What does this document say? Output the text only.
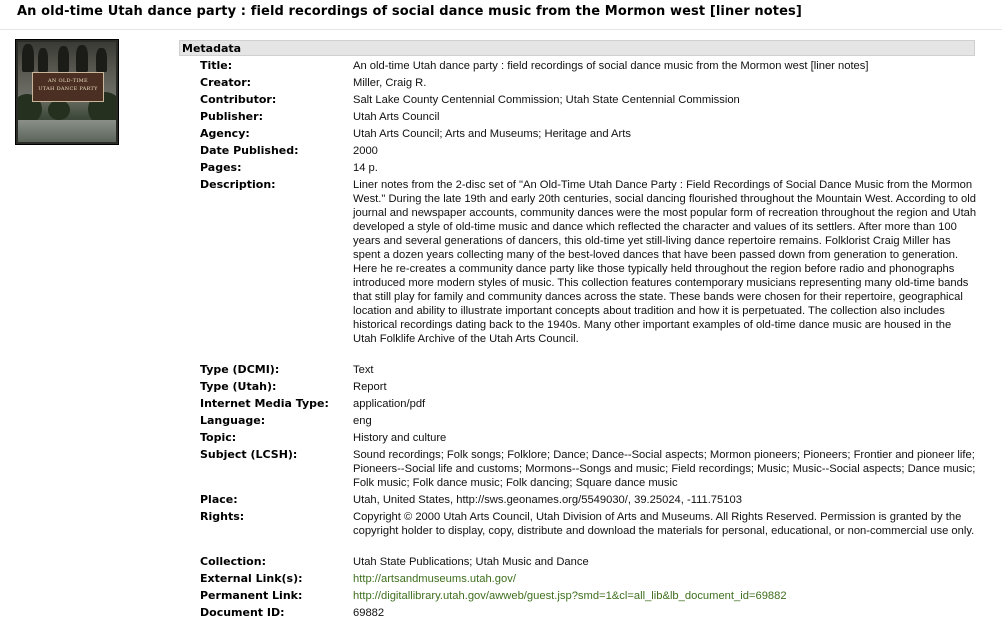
An old-time Utah dance party : field recordings of social dance music from the Mormon west [liner notes]
AN OLD-TIME
UTAH DANCE PARTY
Metadata
Title:	An old-time Utah dance party : field recordings of social dance music from the Mormon west [liner notes]
Creator:	Miller, Craig R.
Contributor:	Salt Lake County Centennial Commission; Utah State Centennial Commission
Publisher:	Utah Arts Council
Agency:	Utah Arts Council; Arts and Museums; Heritage and Arts
Date Published:	2000
Pages:	14 p.
Description:	Liner notes from the 2-disc set of "An Old-Time Utah Dance Party : Field Recordings of Social Dance Music from the Mormon West." During the late 19th and early 20th centuries, social dancing flourished throughout the Mountain West. According to old journal and newspaper accounts, community dances were the most popular form of recreation throughout the region and Utah developed a style of old-time music and dance which reflected the character and values of its settlers. After more than 100 years and several generations of dancers, this old-time yet still-living dance repertoire remains. Folklorist Craig Miller has spent a dozen years collecting many of the best-loved dances that have been passed down from generation to generation. Here he re-creates a community dance party like those typically held throughout the region before radio and phonographs introduced more modern styles of music. This collection features contemporary musicians representing many old-time bands that still play for family and community dances across the state. These bands were chosen for their repertoire, geographical location and ability to illustrate important concepts about tradition and how it is perpetuated. The collection also includes historical recordings dating back to the 1940s. Many other important examples of old-time dance music are housed in the Utah Folklife Archive of the Utah Arts Council.
Type (DCMI):	Text
Type (Utah):	Report
Internet Media Type:	application/pdf
Language:	eng
Topic:	History and culture
Subject (LCSH):	Sound recordings; Folk songs; Folklore; Dance; Dance--Social aspects; Mormon pioneers; Pioneers; Frontier and pioneer life; Pioneers--Social life and customs; Mormons--Songs and music; Field recordings; Music; Music--Social aspects; Dance music; Folk music; Folk dance music; Folk dancing; Square dance music
Place:	Utah, United States, http://sws.geonames.org/5549030/, 39.25024, -111.75103
Rights:	Copyright © 2000 Utah Arts Council, Utah Division of Arts and Museums. All Rights Reserved. Permission is granted by the copyright holder to display, copy, distribute and download the materials for personal, educational, or non-commercial use only.
Collection:	Utah State Publications; Utah Music and Dance
External Link(s):	http://artsandmuseums.utah.gov/
Permanent Link:	http://digitallibrary.utah.gov/awweb/guest.jsp?smd=1&cl=all_lib&lb_document_id=69882
Document ID:	69882
